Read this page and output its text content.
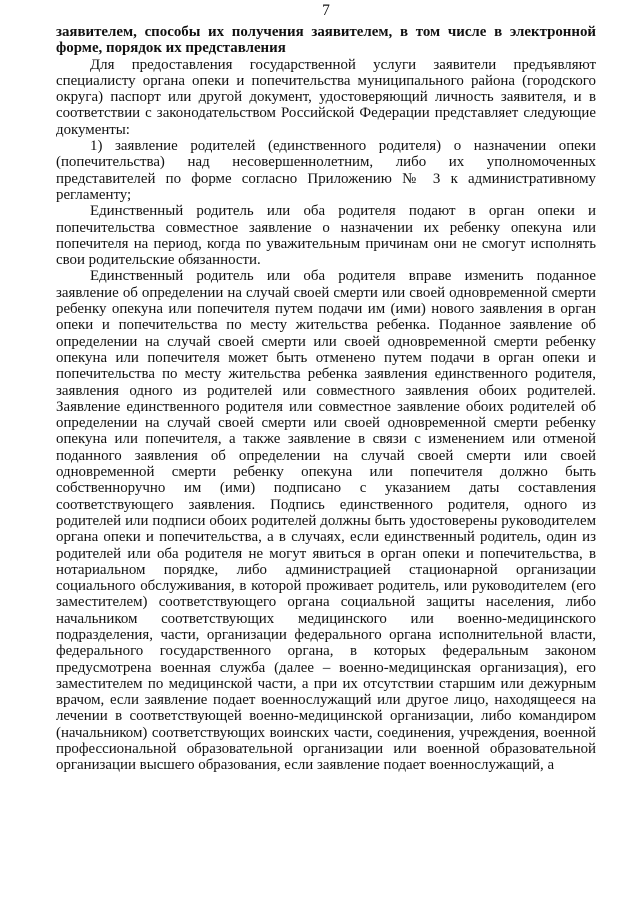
7

заявителем, способы их получения заявителем, в том числе в электронной форме, порядок их представления

Для предоставления государственной услуги заявители предъявляют специалисту органа опеки и попечительства муниципального района (городского округа) паспорт или другой документ, удостоверяющий личность заявителя, и в соответствии с законодательством Российской Федерации представляет следующие документы:

1) заявление родителей (единственного родителя) о назначении опеки (попечительства) над несовершеннолетним, либо их уполномоченных представителей по форме согласно Приложению № 3 к административному регламенту;

Единственный родитель или оба родителя подают в орган опеки и попечительства совместное заявление о назначении их ребенку опекуна или попечителя на период, когда по уважительным причинам они не смогут исполнять свои родительские обязанности.

Единственный родитель или оба родителя вправе изменить поданное заявление об определении на случай своей смерти или своей одновременной смерти ребенку опекуна или попечителя путем подачи им (ими) нового заявления в орган опеки и попечительства по месту жительства ребенка. Поданное заявление об определении на случай своей смерти или своей одновременной смерти ребенку опекуна или попечителя может быть отменено путем подачи в орган опеки и попечительства по месту жительства ребенка заявления единственного родителя, заявления одного из родителей или совместного заявления обоих родителей. Заявление единственного родителя или совместное заявление обоих родителей об определении на случай своей смерти или своей одновременной смерти ребенку опекуна или попечителя, а также заявление в связи с изменением или отменой поданного заявления об определении на случай своей смерти или своей одновременной смерти ребенку опекуна или попечителя должно быть собственноручно им (ими) подписано с указанием даты составления соответствующего заявления. Подпись единственного родителя, одного из родителей или подписи обоих родителей должны быть удостоверены руководителем органа опеки и попечительства, а в случаях, если единственный родитель, один из родителей или оба родителя не могут явиться в орган опеки и попечительства, в нотариальном порядке, либо администрацией стационарной организации социального обслуживания, в которой проживает родитель, или руководителем (его заместителем) соответствующего органа социальной защиты населения, либо начальником соответствующих медицинского или военно-медицинского подразделения, части, организации федерального органа исполнительной власти, федерального государственного органа, в которых федеральным законом предусмотрена военная служба (далее – военно-медицинская организация), его заместителем по медицинской части, а при их отсутствии старшим или дежурным врачом, если заявление подает военнослужащий или другое лицо, находящееся на лечении в соответствующей военно-медицинской организации, либо командиром (начальником) соответствующих воинских части, соединения, учреждения, военной профессиональной образовательной организации или военной образовательной организации высшего образования, если заявление подает военнослужащий, а
